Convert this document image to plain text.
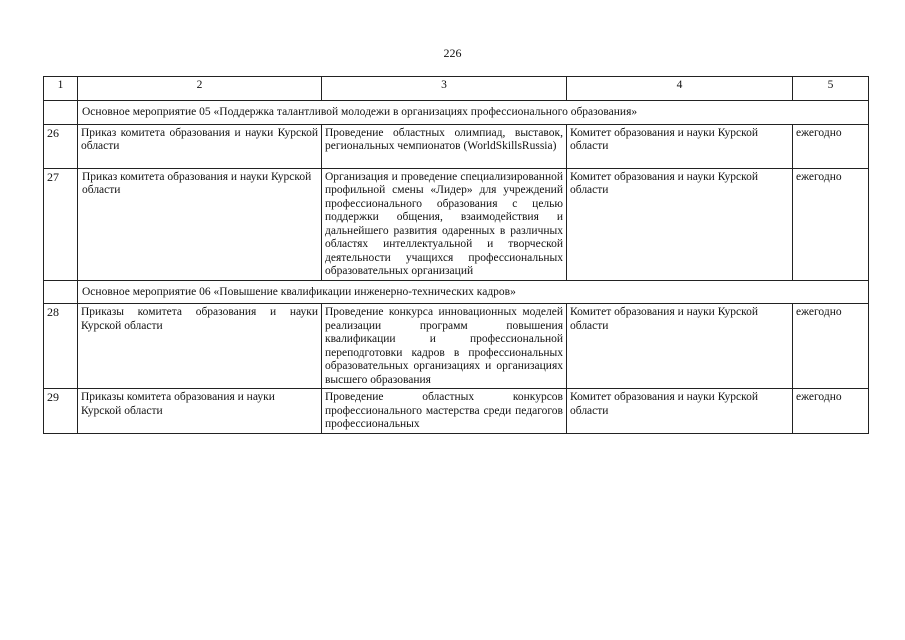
226
1	2	3	4	5
	Основное мероприятие 05 «Поддержка талантливой молодежи в организациях профессионального образования»			
26	Приказ комитета образования и науки Курской области	Проведение областных олимпиад, выставок, региональных чемпионатов (WorldSkillsRussia)	Комитет образования и науки Курской области	ежегодно
27	Приказ комитета образования и науки Курской области	Организация и проведение специализированной профильной смены «Лидер» для учреждений профессионального образования с целью поддержки общения, взаимодействия и дальнейшего развития одаренных в различных областях интеллектуальной и творческой деятельности учащихся профессиональных образовательных организаций	Комитет образования и науки Курской области	ежегодно
	Основное мероприятие 06 «Повышение квалификации инженерно-технических кадров»			
28	Приказы комитета образования и науки Курской области	Проведение конкурса инновационных моделей реализации программ повышения квалификации и профессиональной переподготовки кадров в профессиональных образовательных организациях и организациях высшего образования	Комитет образования и науки Курской области	ежегодно
29	Приказы комитета образования и науки Курской области	Проведение областных конкурсов профессионального мастерства среди педагогов профессиональных	Комитет образования и науки Курской области	ежегодно
